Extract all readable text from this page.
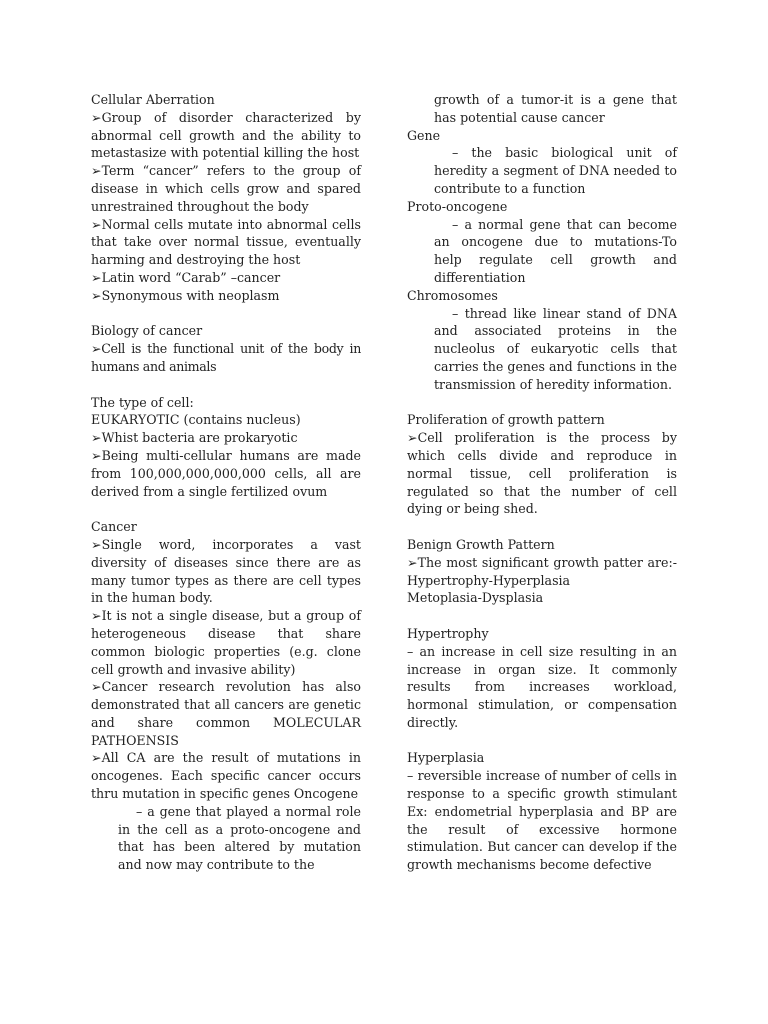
Cellular Aberration

➢ Group of disorder characterized by abnormal cell growth and the ability to metastasize with potential killing the host

➢ Term “cancer” refers to the group of disease in which cells grow and spared unrestrained throughout the body

➢ Normal cells mutate into abnormal cells that take over normal tissue, eventually harming and destroying the host

➢ Latin word “Carab” –cancer

➢ Synonymous with neoplasm

Biology of cancer

➢ Cell is the functional unit of the body in humans and animals

The type of cell:

EUKARYOTIC (contains nucleus)

➢ Whist bacteria are prokaryotic

➢ Being multi-cellular humans are made from 100,000,000,000,000 cells, all are derived from a single fertilized ovum

Cancer

➢ Single word, incorporates a vast diversity of diseases since there are as many tumor types as there are cell types in the human body.

➢ It is not a single disease, but a group of heterogeneous disease that share common biologic properties (e.g. clone cell growth and invasive ability)

➢ Cancer research revolution has also demonstrated that all cancers are genetic and share common MOLECULAR PATHOENSIS

➢ All CA are the result of mutations in oncogenes. Each specific cancer occurs thru mutation in specific genes Oncogene

– a gene that played a normal role in the cell as a proto-oncogene and that has been altered by mutation and now may contribute to the

growth of a tumor-it is a gene that has potential cause cancer

Gene

– the basic biological unit of heredity a segment of DNA needed to contribute to a function

Proto-oncogene

– a normal gene that can become an oncogene due to mutations-To help regulate cell growth and differentiation

Chromosomes

– thread like linear stand of DNA and associated proteins in the nucleolus of eukaryotic cells that carries the genes and functions in the transmission of heredity information.

Proliferation of growth pattern

➢ Cell proliferation is the process by which cells divide and reproduce in normal tissue, cell proliferation is regulated so that the number of cell dying or being shed.

Benign Growth Pattern

➢ The most significant growth patter are:-Hypertrophy-Hyperplasia

Metoplasia-Dysplasia

Hypertrophy

– an increase in cell size resulting in an increase in organ size. It commonly results from increases workload, hormonal stimulation, or compensation directly.

Hyperplasia

– reversible increase of number of cells in response to a specific growth stimulant Ex: endometrial hyperplasia and BP are the result of excessive hormone stimulation. But cancer can develop if the growth mechanisms become defective
